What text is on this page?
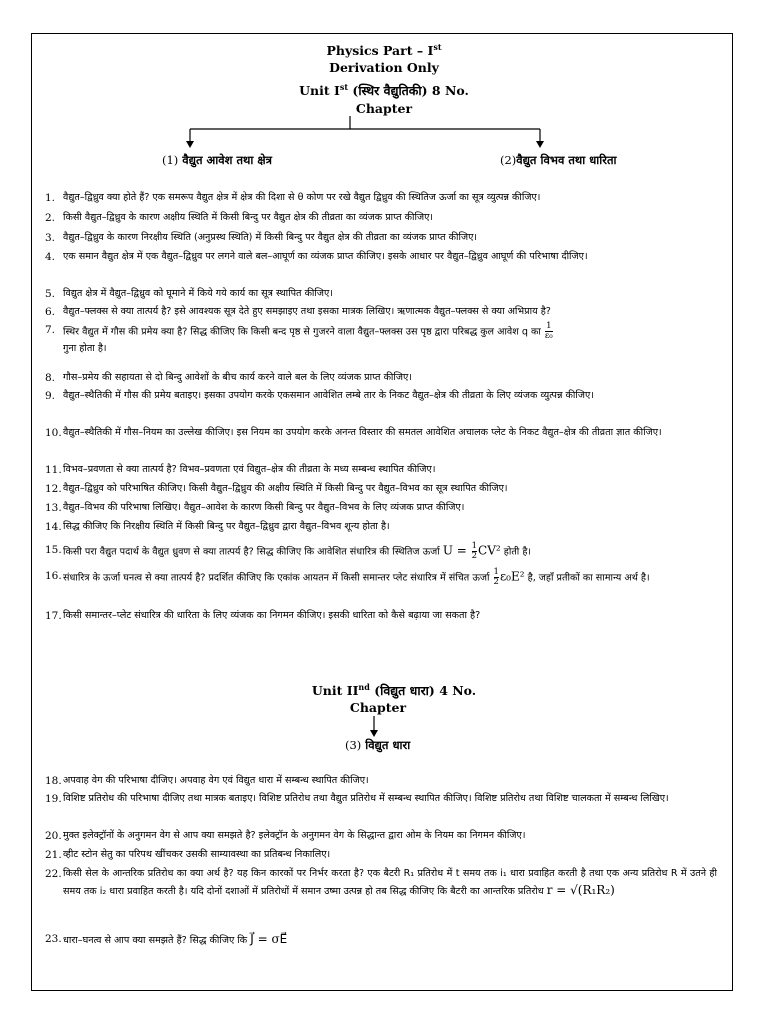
Physics Part – Ist
Derivation Only
Unit Ist (स्थिर वैद्युतिकी) 8 No.
Chapter
(1) वैद्युत आवेश तथा क्षेत्र	(2)वैद्युत विभव तथा धारिता
1. वैद्युत–द्विध्रुव क्या होते हैं? एक समरूप वैद्युत क्षेत्र में क्षेत्र की दिशा से θ कोण पर रखे वैद्युत द्विध्रुव की स्थितिज ऊर्जा का सूत्र व्युत्पन्न कीजिए।
2. किसी वैद्युत–द्विध्रुव के कारण अक्षीय स्थिति में किसी बिन्दु पर वैद्युत क्षेत्र की तीव्रता का व्यंजक प्राप्त कीजिए।
3. वैद्युत–द्विध्रुव के कारण निरक्षीय स्थिति (अनुप्रस्थ स्थिति) में किसी बिन्दु पर वैद्युत क्षेत्र की तीव्रता का व्यंजक प्राप्त कीजिए।
4. एक समान वैद्युत क्षेत्र में एक वैद्युत–द्विध्रुव पर लगने वाले बल–आघूर्ण का व्यंजक प्राप्त कीजिए। इसके आधार पर वैद्युत–द्विध्रुव आघूर्ण की परिभाषा दीजिए।
5. विद्युत क्षेत्र में वैद्युत–द्विध्रुव को घूमाने में किये गये कार्य का सूत्र स्थापित कीजिए।
6. वैद्युत–फ्लक्स से क्या तात्पर्य है? इसे आवश्यक सूत्र देते हुए समझाइए तथा इसका मात्रक लिखिए। ऋणात्मक वैद्युत–फ्लक्स से क्या अभिप्राय है?
7. स्थिर वैद्युत में गौस की प्रमेय क्या है? सिद्ध कीजिए कि किसी बन्द पृष्ठ से गुजरने वाला वैद्युत–फ्लक्स उस पृष्ठ द्वारा परिबद्ध कुल आवेश q का $\frac{1}{\text{ε₀}}$

गुना होता है।
8. गौस–प्रमेय की सहायता से दो बिन्दु आवेशों के बीच कार्य करने वाले बल के लिए व्यंजक प्राप्त कीजिए।
9. वैद्युत–स्थैतिकी में गौस की प्रमेय बताइए। इसका उपयोग करके एकसमान आवेशित लम्बे तार के निकट वैद्युत–क्षेत्र की तीव्रता के लिए व्यंजक व्युत्पन्न कीजिए।
10. वैद्युत–स्थैतिकी में गौस–नियम का उल्लेख कीजिए। इस नियम का उपयोग करके अनन्त विस्तार की समतल आवेशित अचालक प्लेट के निकट वैद्युत–क्षेत्र की तीव्रता ज्ञात कीजिए।
11. विभव–प्रवणता से क्या तात्पर्य है? विभव–प्रवणता एवं विद्युत–क्षेत्र की तीव्रता के मध्य सम्बन्ध स्थापित कीजिए।
12. वैद्युत–द्विध्रुव को परिभाषित कीजिए। किसी वैद्युत–द्विध्रुव की अक्षीय स्थिति में किसी बिन्दु पर वैद्युत–विभव का सूत्र स्थापित कीजिए।
13. वैद्युत–विभव की परिभाषा लिखिए। वैद्युत–आवेश के कारण किसी बिन्दु पर वैद्युत–विभव के लिए व्यंजक प्राप्त कीजिए।
14. सिद्ध कीजिए कि निरक्षीय स्थिति में किसी बिन्दु पर वैद्युत–द्विध्रुव द्वारा वैद्युत–विभव शून्य होता है।
15. किसी परा वैद्युत पदार्थ के वैद्युत ध्रुवण से क्या तात्पर्य है? सिद्ध कीजिए कि आवेशित संधारित्र की स्थितिज ऊर्जा $U = \frac{1}{2} CV^2$ होती है।
16. संधारित्र के ऊर्जा घनत्व से क्या तात्पर्य है? प्रदर्शित कीजिए कि एकांक आयतन में किसी समान्तर प्लेट संधारित्र में संचित ऊर्जा $\frac{1}{2} \varepsilon_0E^2$ है, जहाँ प्रतीकों का सामान्य अर्थ है।
17. किसी समान्तर–प्लेट संधारित्र की धारिता के लिए व्यंजक का निगमन कीजिए। इसकी धारिता को कैसे बढ़ाया जा सकता है?
Unit IInd (विद्युत धारा) 4 No.
Chapter
(3) विद्युत धारा
18. अपवाह वेग की परिभाषा दीजिए। अपवाह वेग एवं विद्युत धारा में सम्बन्ध स्थापित कीजिए।
19. विशिष्ट प्रतिरोध की परिभाषा दीजिए तथा मात्रक बताइए। विशिष्ट प्रतिरोध तथा वैद्युत प्रतिरोध में सम्बन्ध स्थापित कीजिए। विशिष्ट प्रतिरोध तथा विशिष्ट चालकता में सम्बन्ध लिखिए।
20. मुक्त इलेक्ट्रॉनों के अनुगमन वेग से आप क्या समझते है? इलेक्ट्रॉन के अनुगमन वेग के सिद्धान्त द्वारा ओम के नियम का निगमन कीजिए।
21. व्हीट स्टोन सेतु का परिपथ खींचकर उसकी साम्यावस्था का प्रतिबन्ध निकालिए।
22. किसी सेल के आन्तरिक प्रतिरोध का क्या अर्थ है? यह किन कारकों पर निर्भर करता है? एक बैटरी R₁ प्रतिरोध में t समय तक i₁ धारा प्रवाहित करती है तथा एक अन्य प्रतिरोध R में उतने ही समय तक i₂ धारा प्रवाहित करती है। यदि दोनों दशाओं में प्रतिरोधों में समान उष्मा उत्पन्न हो तब सिद्ध कीजिए कि बैटरी का आन्तरिक प्रतिरोध r = √(R₁R₂)
23. धारा–घनत्व से आप क्या समझते हैं? सिद्ध कीजिए कि J⃗ = σE⃗
